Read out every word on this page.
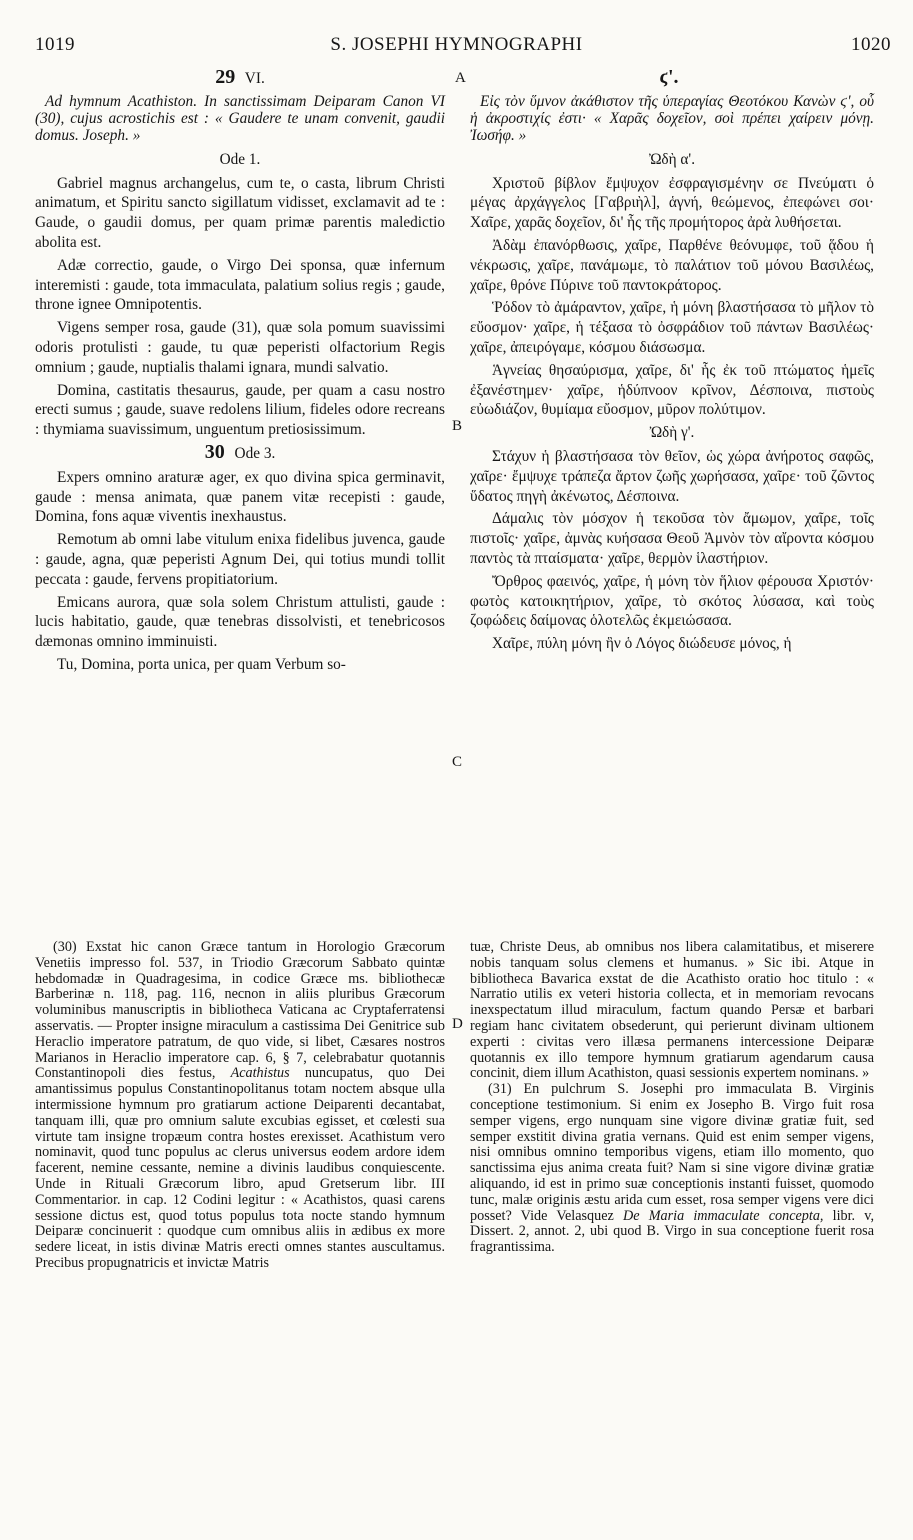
S. JOSEPHI HYMNOGRAPHI
1019	1020
A
B
C
D
29 VI.

Ad hymnum Acathiston. In sanctissimam Deiparam Canon VI (30), cujus acrostichis est : « Gaudere te unam convenit, gaudii domus. Joseph. »

Ode 1.

Gabriel magnus archangelus, cum te, o casta, librum Christi animatum, et Spiritu sancto sigillatum vidisset, exclamavit ad te : Gaude, o gaudii domus, per quam primæ parentis maledictio abolita est.

Adæ correctio, gaude, o Virgo Dei sponsa, quæ infernum interemisti : gaude, tota immaculata, palatium solius regis ; gaude, throne ignee Omnipotentis.

Vigens semper rosa, gaude (31), quæ sola pomum suavissimi odoris protulisti : gaude, tu quæ peperisti olfactorium Regis omnium ; gaude, nuptialis thalami ignara, mundi salvatio.

Domina, castitatis thesaurus, gaude, per quam a casu nostro erecti sumus ; gaude, suave redolens lilium, fideles odore recreans : thymiama suavissimum, unguentum pretiosissimum.

30 Ode 3.

Expers omnino araturæ ager, ex quo divina spica germinavit, gaude : mensa animata, quæ panem vitæ recepisti : gaude, Domina, fons aquæ viventis inexhaustus.

Remotum ab omni labe vitulum enixa fidelibus juvenca, gaude : gaude, agna, quæ peperisti Agnum Dei, qui totius mundi tollit peccata : gaude, fervens propitiatorium.

Emicans aurora, quæ sola solem Christum attulisti, gaude : lucis habitatio, gaude, quæ tenebras dissolvisti, et tenebricosos dæmonas omnino imminuisti.

Tu, Domina, porta unica, per quam Verbum so-

ϛ'.

Εἰς τὸν ὕμνον ἀκάθιστον τῆς ὑπεραγίας Θεοτόκου Κανὼν ϛ', οὗ ἡ ἀκροστιχίς ἐστι· « Χαρᾶς δοχεῖον, σοὶ πρέπει χαίρειν μόνῃ. Ἰωσήφ. »

Ὠδὴ α'.

Χριστοῦ βίβλον ἔμψυχον ἐσφραγισμένην σε Πνεύματι ὁ μέγας ἀρχάγγελος [Γαβριὴλ], ἁγνή, θεώμενος, ἐπεφώνει σοι· Χαῖρε, χαρᾶς δοχεῖον, δι' ἧς τῆς προμήτορος ἀρὰ λυθήσεται.

Ἀδὰμ ἐπανόρθωσις, χαῖρε, Παρθένε θεόνυμφε, τοῦ ᾅδου ἡ νέκρωσις, χαῖρε, πανάμωμε, τὸ παλάτιον τοῦ μόνου Βασιλέως, χαῖρε, θρόνε Πύρινε τοῦ παντοκράτορος.

Ῥόδον τὸ ἀμάραντον, χαῖρε, ἡ μόνη βλαστήσασα τὸ μῆλον τὸ εὔοσμον· χαῖρε, ἡ τέξασα τὸ ὀσφράδιον τοῦ πάντων Βασιλέως· χαῖρε, ἀπειρόγαμε, κόσμου διάσωσμα.

Ἁγνείας θησαύρισμα, χαῖρε, δι' ἧς ἐκ τοῦ πτώματος ἡμεῖς ἐξανέστημεν· χαῖρε, ἡδύπνοον κρῖνον, Δέσποινα, πιστοὺς εὐωδιάζον, θυμίαμα εὔοσμον, μῦρον πολύτιμον.

Ὠδὴ γ'.

Στάχυν ἡ βλαστήσασα τὸν θεῖον, ὡς χώρα ἀνήροτος σαφῶς, χαῖρε· ἔμψυχε τράπεζα ἄρτον ζωῆς χωρήσασα, χαῖρε· τοῦ ζῶντος ὕδατος πηγὴ ἀκένωτος, Δέσποινα.

Δάμαλις τὸν μόσχον ἡ τεκοῦσα τὸν ἄμωμον, χαῖρε, τοῖς πιστοῖς· χαῖρε, ἀμνὰς κυήσασα Θεοῦ Ἀμνὸν τὸν αἴροντα κόσμου παντὸς τὰ πταίσματα· χαῖρε, θερμὸν ἱλαστήριον.

Ὄρθρος φαεινός, χαῖρε, ἡ μόνη τὸν ἥλιον φέρουσα Χριστόν· φωτὸς κατοικητήριον, χαῖρε, τὸ σκότος λύσασα, καὶ τοὺς ζοφώδεις δαίμονας ὁλοτελῶς ἐκμειώσασα.

Χαῖρε, πύλη μόνη ἣν ὁ Λόγος διώδευσε μόνος, ἡ

(30) Exstat hic canon Græce tantum in Horologio Græcorum Venetiis impresso fol. 537, in Triodio Græcorum Sabbato quintæ hebdomadæ in Quadragesima, in codice Græce ms. bibliothecæ Barberinæ n. 118, pag. 116, necnon in aliis pluribus Græcorum voluminibus manuscriptis in bibliotheca Vaticana ac Cryptaferratensi asservatis. — Propter insigne miraculum a castissima Dei Genitrice sub Heraclio imperatore patratum, de quo vide, si libet, Cæsares nostros Marianos in Heraclio imperatore cap. 6, § 7, celebrabatur quotannis Constantinopoli dies festus, Acathistus nuncupatus, quo Dei amantissimus populus Constantinopolitanus totam noctem absque ulla intermissione hymnum pro gratiarum actione Deiparenti decantabat, tanquam illi, quæ pro omnium salute excubias egisset, et cœlesti sua virtute tam insigne tropæum contra hostes erexisset. Acathistum vero nominavit, quod tunc populus ac clerus universus eodem ardore idem facerent, nemine cessante, nemine a divinis laudibus conquiescente. Unde in Rituali Græcorum libro, apud Gretserum libr. III Commentarior. in cap. 12 Codini legitur : « Acathistos, quasi carens sessione dictus est, quod totus populus tota nocte stando hymnum Deiparæ concinuerit : quodque cum omnibus aliis in ædibus ex more sedere liceat, in istis divinæ Matris erecti omnes stantes auscultamus. Precibus propugnatricis et invictæ Matris

tuæ, Christe Deus, ab omnibus nos libera calamitatibus, et miserere nobis tanquam solus clemens et humanus. » Sic ibi. Atque in bibliotheca Bavarica exstat de die Acathisto oratio hoc titulo : « Narratio utilis ex veteri historia collecta, et in memoriam revocans inexspectatum illud miraculum, factum quando Persæ et barbari regiam hanc civitatem obsederunt, qui perierunt divinam ultionem experti : civitas vero illæsa permanens intercessione Deiparæ quotannis ex illo tempore hymnum gratiarum agendarum causa concinit, diem illum Acathiston, quasi sessionis expertem nominans. »

(31) En pulchrum S. Josephi pro immaculata B. Virginis conceptione testimonium. Si enim ex Josepho B. Virgo fuit rosa semper vigens, ergo nunquam sine vigore divinæ gratiæ fuit, sed semper exstitit divina gratia vernans. Quid est enim semper vigens, nisi omnibus omnino temporibus vigens, etiam illo momento, quo sanctissima ejus anima creata fuit? Nam si sine vigore divinæ gratiæ aliquando, id est in primo suæ conceptionis instanti fuisset, quomodo tunc, malæ originis æstu arida cum esset, rosa semper vigens vere dici posset? Vide Velasquez De Maria immaculate concepta, libr. v, Dissert. 2, annot. 2, ubi quod B. Virgo in sua conceptione fuerit rosa fragrantissima.
